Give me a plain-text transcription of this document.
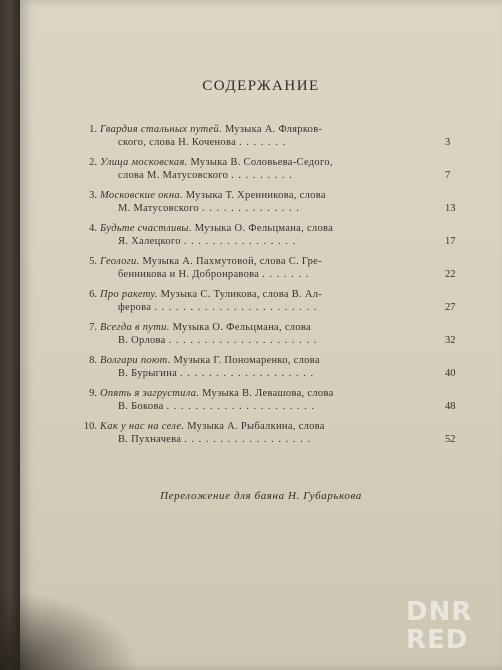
СОДЕРЖАНИЕ
1. Гвардия стальных путей. Музыка А. Флярков-
ского, слова Н. Коченова . . . . . . .	3
2. Улица московская. Музыка В. Соловьева-Седого,
слова М. Матусовского . . . . . . . . .	7
3. Московские окна. Музыка Т. Хренникова, слова
М. Матусовского . . . . . . . . . . . . . .	13
4. Будьте счастливы. Музыка О. Фельцмана, слова
Я. Халецкого . . . . . . . . . . . . . . . .	17
5. Геологи. Музыка А. Пахмутовой, слова С. Гре-
бенникова и Н. Добронравова . . . . . . .	22
6. Про ракету. Музыка С. Туликова, слова В. Ал-
ферова . . . . . . . . . . . . . . . . . . . . . . .	27
7. Всегда в пути. Музыка О. Фельцмана, слова
В. Орлова . . . . . . . . . . . . . . . . . . . . .	32
8. Волгари поют. Музыка Г. Пономаренко, слова
В. Бурыгина . . . . . . . . . . . . . . . . . . .	40
9. Опять я загрустила. Музыка В. Левашова, слова
В. Бокова . . . . . . . . . . . . . . . . . . . . .	48
10. Как у нас на селе. Музыка А. Рыбалкина, слова
В. Пухначева . . . . . . . . . . . . . . . . . .	52
Переложение для баяна Н. Губарькова
DNR
RED
